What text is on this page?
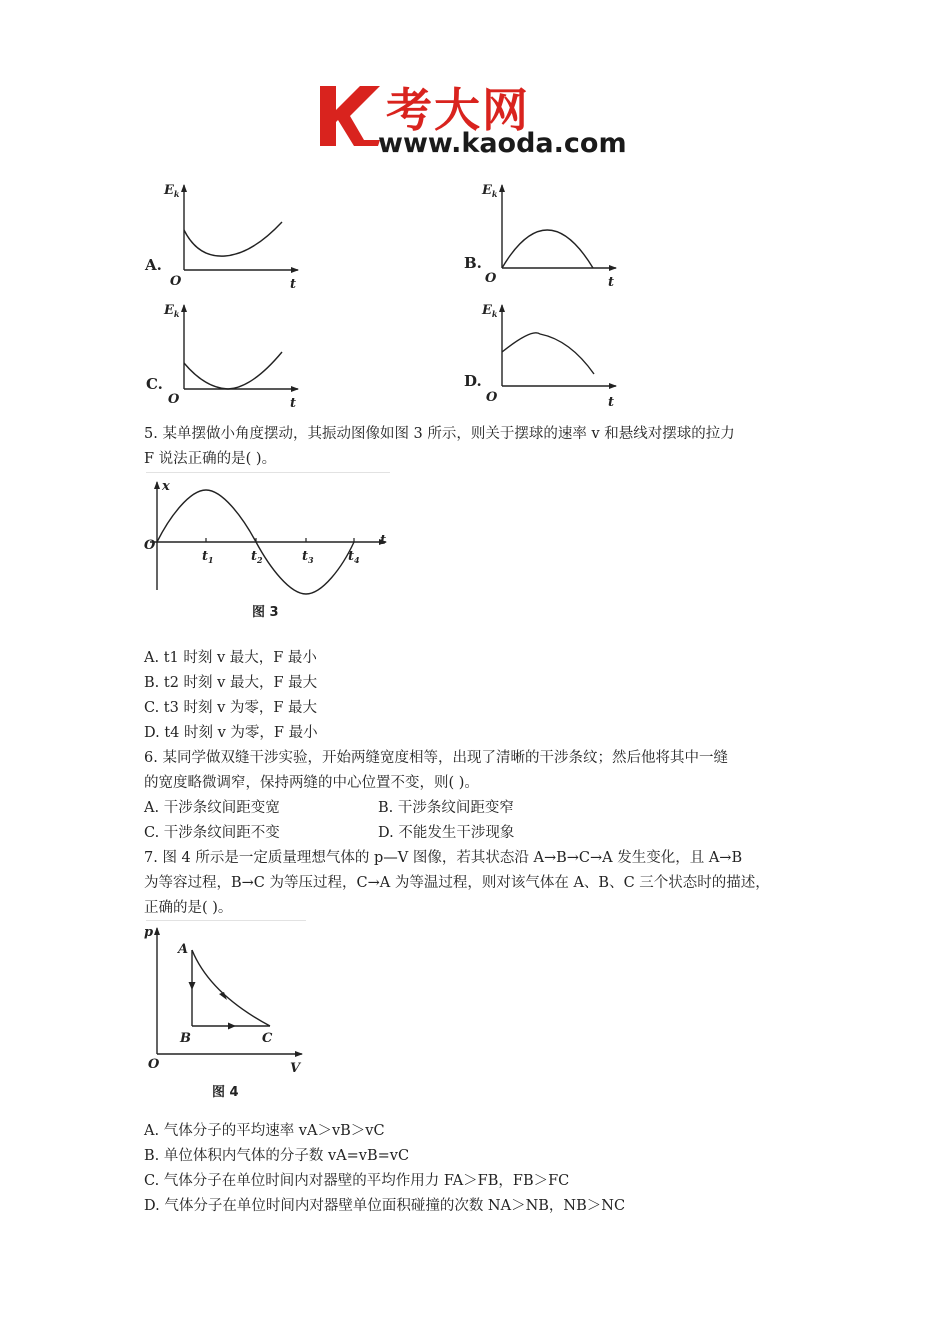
考大网

www.kaoda.com

$E_k$
A.
O	t
$E_k$
B.
O	t
$E_k$
C.
O	t
$E_k$
D.
O	t

5. 某单摆做小角度摆动，其振动图像如图 3 所示，则关于摆球的速率 v 和悬线对摆球的拉力

F 说法正确的是( )。

x
t
O
$t_1$	$t_2$	$t_3$	$t_4$
图 3

A. t1 时刻 v 最大，F 最小

B. t2 时刻 v 最大，F 最大

C. t3 时刻 v 为零，F 最大

D. t4 时刻 v 为零，F 最小

6. 某同学做双缝干涉实验，开始两缝宽度相等，出现了清晰的干涉条纹；然后他将其中一缝

的宽度略微调窄，保持两缝的中心位置不变，则( )。

A. 干涉条纹间距变宽	B. 干涉条纹间距变窄

C. 干涉条纹间距不变	D. 不能发生干涉现象

7. 图 4 所示是一定质量理想气体的 p—V 图像，若其状态沿 A→B→C→A 发生变化，且 A→B

为等容过程，B→C 为等压过程，C→A 为等温过程，则对该气体在 A、B、C 三个状态时的描述，

正确的是( )。

p
V
O
A
B	C
图 4

A. 气体分子的平均速率 vA＞vB＞vC

B. 单位体积内气体的分子数 vA=vB=vC

C. 气体分子在单位时间内对器壁的平均作用力 FA＞FB，FB＞FC

D. 气体分子在单位时间内对器壁单位面积碰撞的次数 NA＞NB，NB＞NC
